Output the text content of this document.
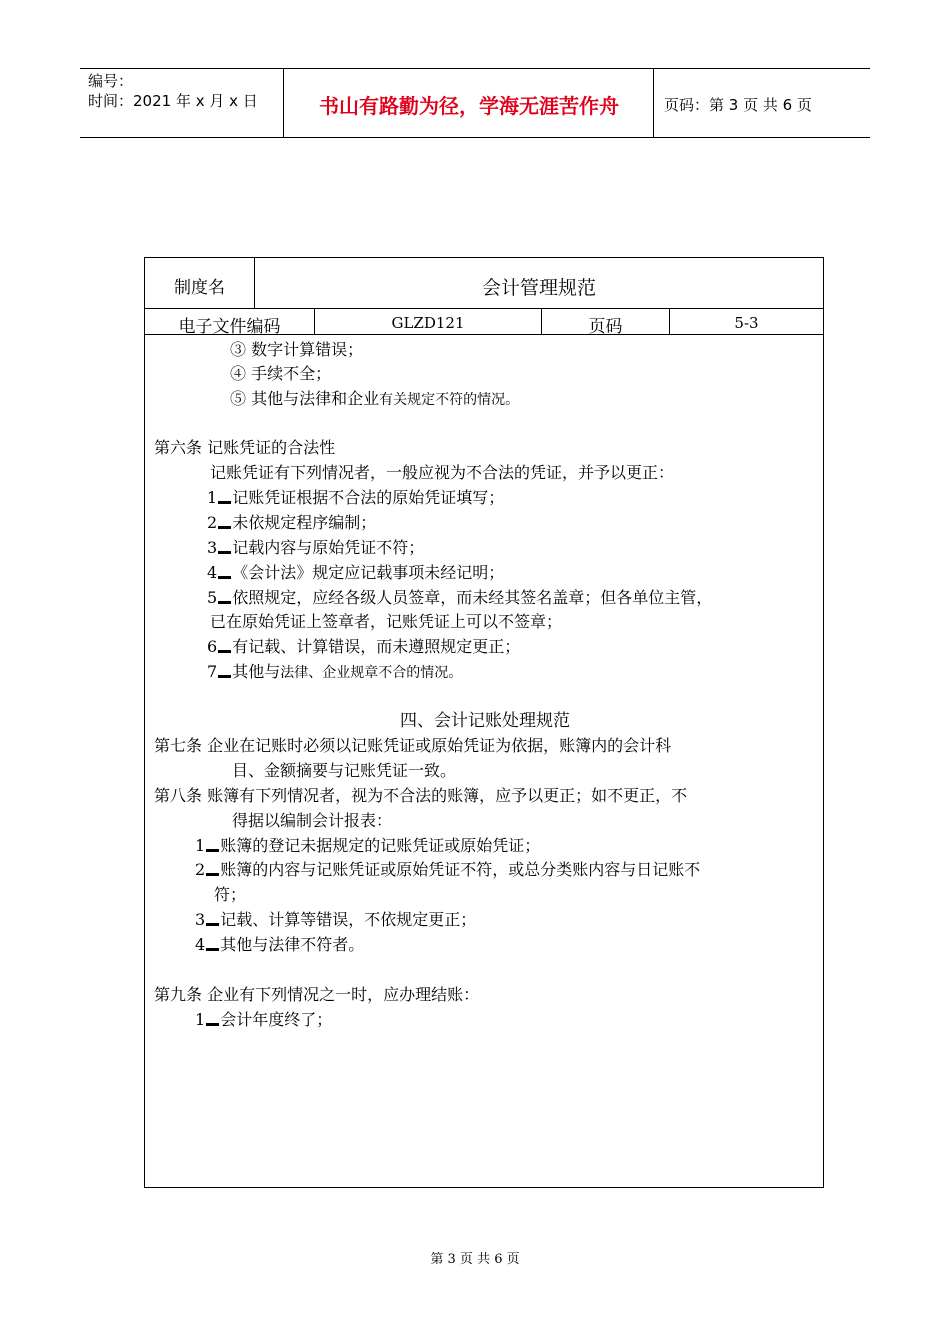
编号：
时间：2021 年 x 月 x 日	书山有路勤为径，学海无涯苦作舟	页码：第 3 页 共 6 页
制度名	会计管理规范
电子文件编码	GLZD121	页码	5-3
③ 数字计算错误；
④ 手续不全；
⑤ 其他与法律和企业有关规定不符的情况。
第六条 记账凭证的合法性
记账凭证有下列情况者，一般应视为不合法的凭证，并予以更正：
1 记账凭证根据不合法的原始凭证填写；
2 未依规定程序编制；
3 记载内容与原始凭证不符；
4 《会计法》规定应记载事项未经记明；
5 依照规定，应经各级人员签章，而未经其签名盖章；但各单位主管，
已在原始凭证上签章者，记账凭证上可以不签章；
6 有记载、计算错误，而未遵照规定更正；
7 其他与法律、企业规章不合的情况。
四、会计记账处理规范
第七条 企业在记账时必须以记账凭证或原始凭证为依据，账簿内的会计科
目、金额摘要与记账凭证一致。
第八条 账簿有下列情况者，视为不合法的账簿，应予以更正；如不更正，不
得据以编制会计报表：
1 账簿的登记未据规定的记账凭证或原始凭证；
2 账簿的内容与记账凭证或原始凭证不符，或总分类账内容与日记账不
符；
3 记载、计算等错误，不依规定更正；
4 其他与法律不符者。
第九条 企业有下列情况之一时，应办理结账：
1 会计年度终了；
第 3 页 共 6 页
